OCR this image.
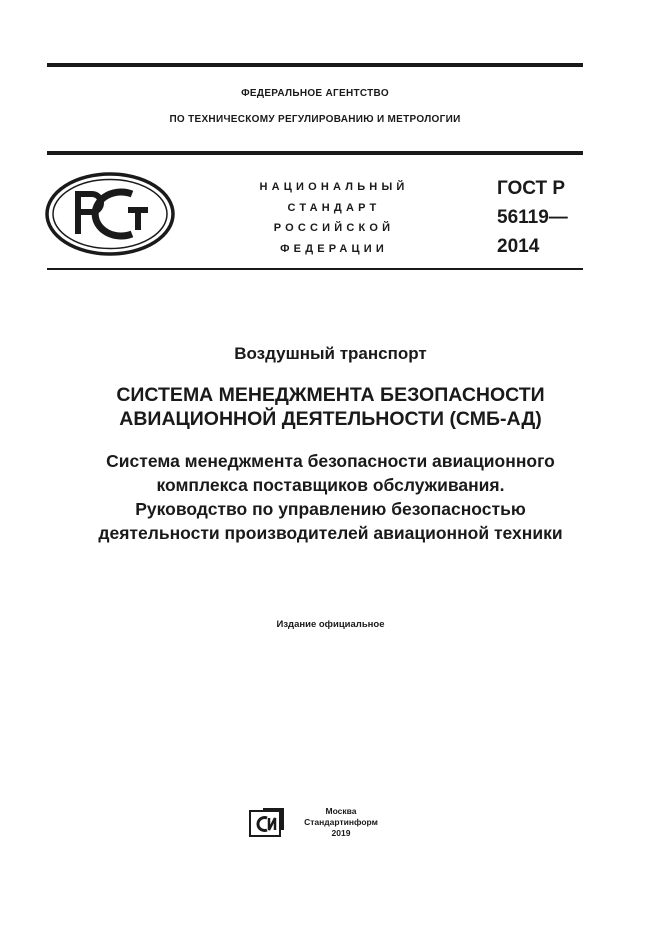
ФЕДЕРАЛЬНОЕ АГЕНТСТВО
ПО ТЕХНИЧЕСКОМУ РЕГУЛИРОВАНИЮ И МЕТРОЛОГИИ
НАЦИОНАЛЬНЫЙ
СТАНДАРТ
РОССИЙСКОЙ
ФЕДЕРАЦИИ
ГОСТ Р
56119—
2014
Воздушный транспорт
СИСТЕМА МЕНЕДЖМЕНТА БЕЗОПАСНОСТИ
АВИАЦИОННОЙ ДЕЯТЕЛЬНОСТИ (СМБ-АД)
Система менеджмента безопасности авиационного
комплекса поставщиков обслуживания.
Руководство по управлению безопасностью
деятельности производителей авиационной техники
Издание официальное
Москва
Стандартинформ
2019
